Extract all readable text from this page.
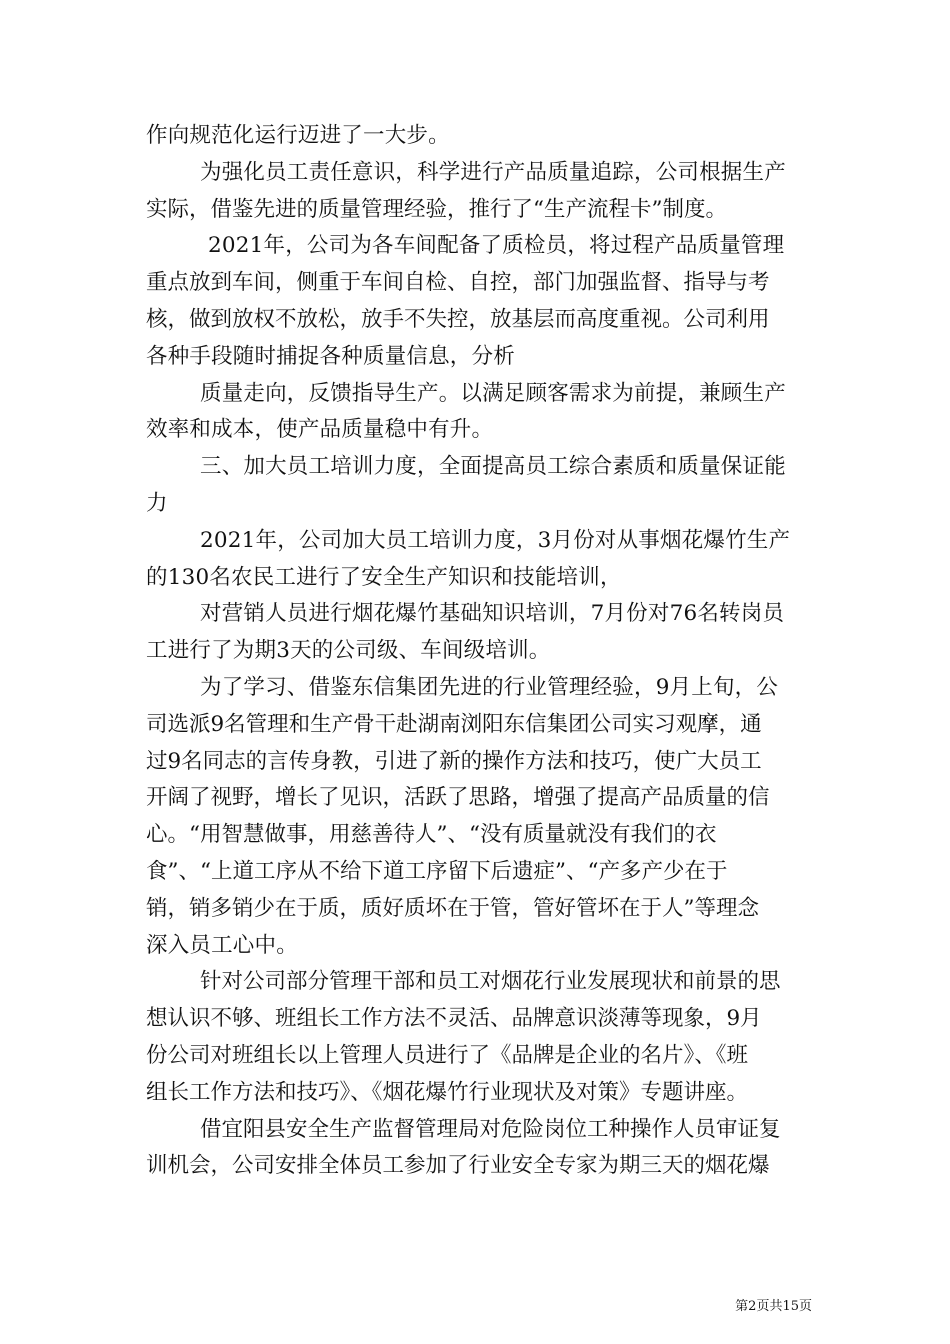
作向规范化运行迈进了一大步。
为强化员工责任意识，科学进行产品质量追踪，公司根据生产
实际，借鉴先进的质量管理经验，推行了“生产流程卡”制度。
2021年，公司为各车间配备了质检员，将过程产品质量管理
重点放到车间，侧重于车间自检、自控，部门加强监督、指导与考
核，做到放权不放松，放手不失控，放基层而高度重视。公司利用
各种手段随时捕捉各种质量信息，分析
质量走向，反馈指导生产。以满足顾客需求为前提，兼顾生产
效率和成本，使产品质量稳中有升。
三、加大员工培训力度，全面提高员工综合素质和质量保证能
力
2021年，公司加大员工培训力度，3月份对从事烟花爆竹生产
的130名农民工进行了安全生产知识和技能培训，
对营销人员进行烟花爆竹基础知识培训，7月份对76名转岗员
工进行了为期3天的公司级、车间级培训。
为了学习、借鉴东信集团先进的行业管理经验，9月上旬，公
司选派9名管理和生产骨干赴湖南浏阳东信集团公司实习观摩，通
过9名同志的言传身教，引进了新的操作方法和技巧，使广大员工
开阔了视野，增长了见识，活跃了思路，增强了提高产品质量的信
心。“用智慧做事，用慈善待人”、“没有质量就没有我们的衣
食”、“上道工序从不给下道工序留下后遗症”、“产多产少在于
销，销多销少在于质，质好质坏在于管，管好管坏在于人”等理念
深入员工心中。
针对公司部分管理干部和员工对烟花行业发展现状和前景的思
想认识不够、班组长工作方法不灵活、品牌意识淡薄等现象，9月
份公司对班组长以上管理人员进行了《品牌是企业的名片》、《班
组长工作方法和技巧》、《烟花爆竹行业现状及对策》专题讲座。
借宜阳县安全生产监督管理局对危险岗位工种操作人员审证复
训机会，公司安排全体员工参加了行业安全专家为期三天的烟花爆
第2页共15页
